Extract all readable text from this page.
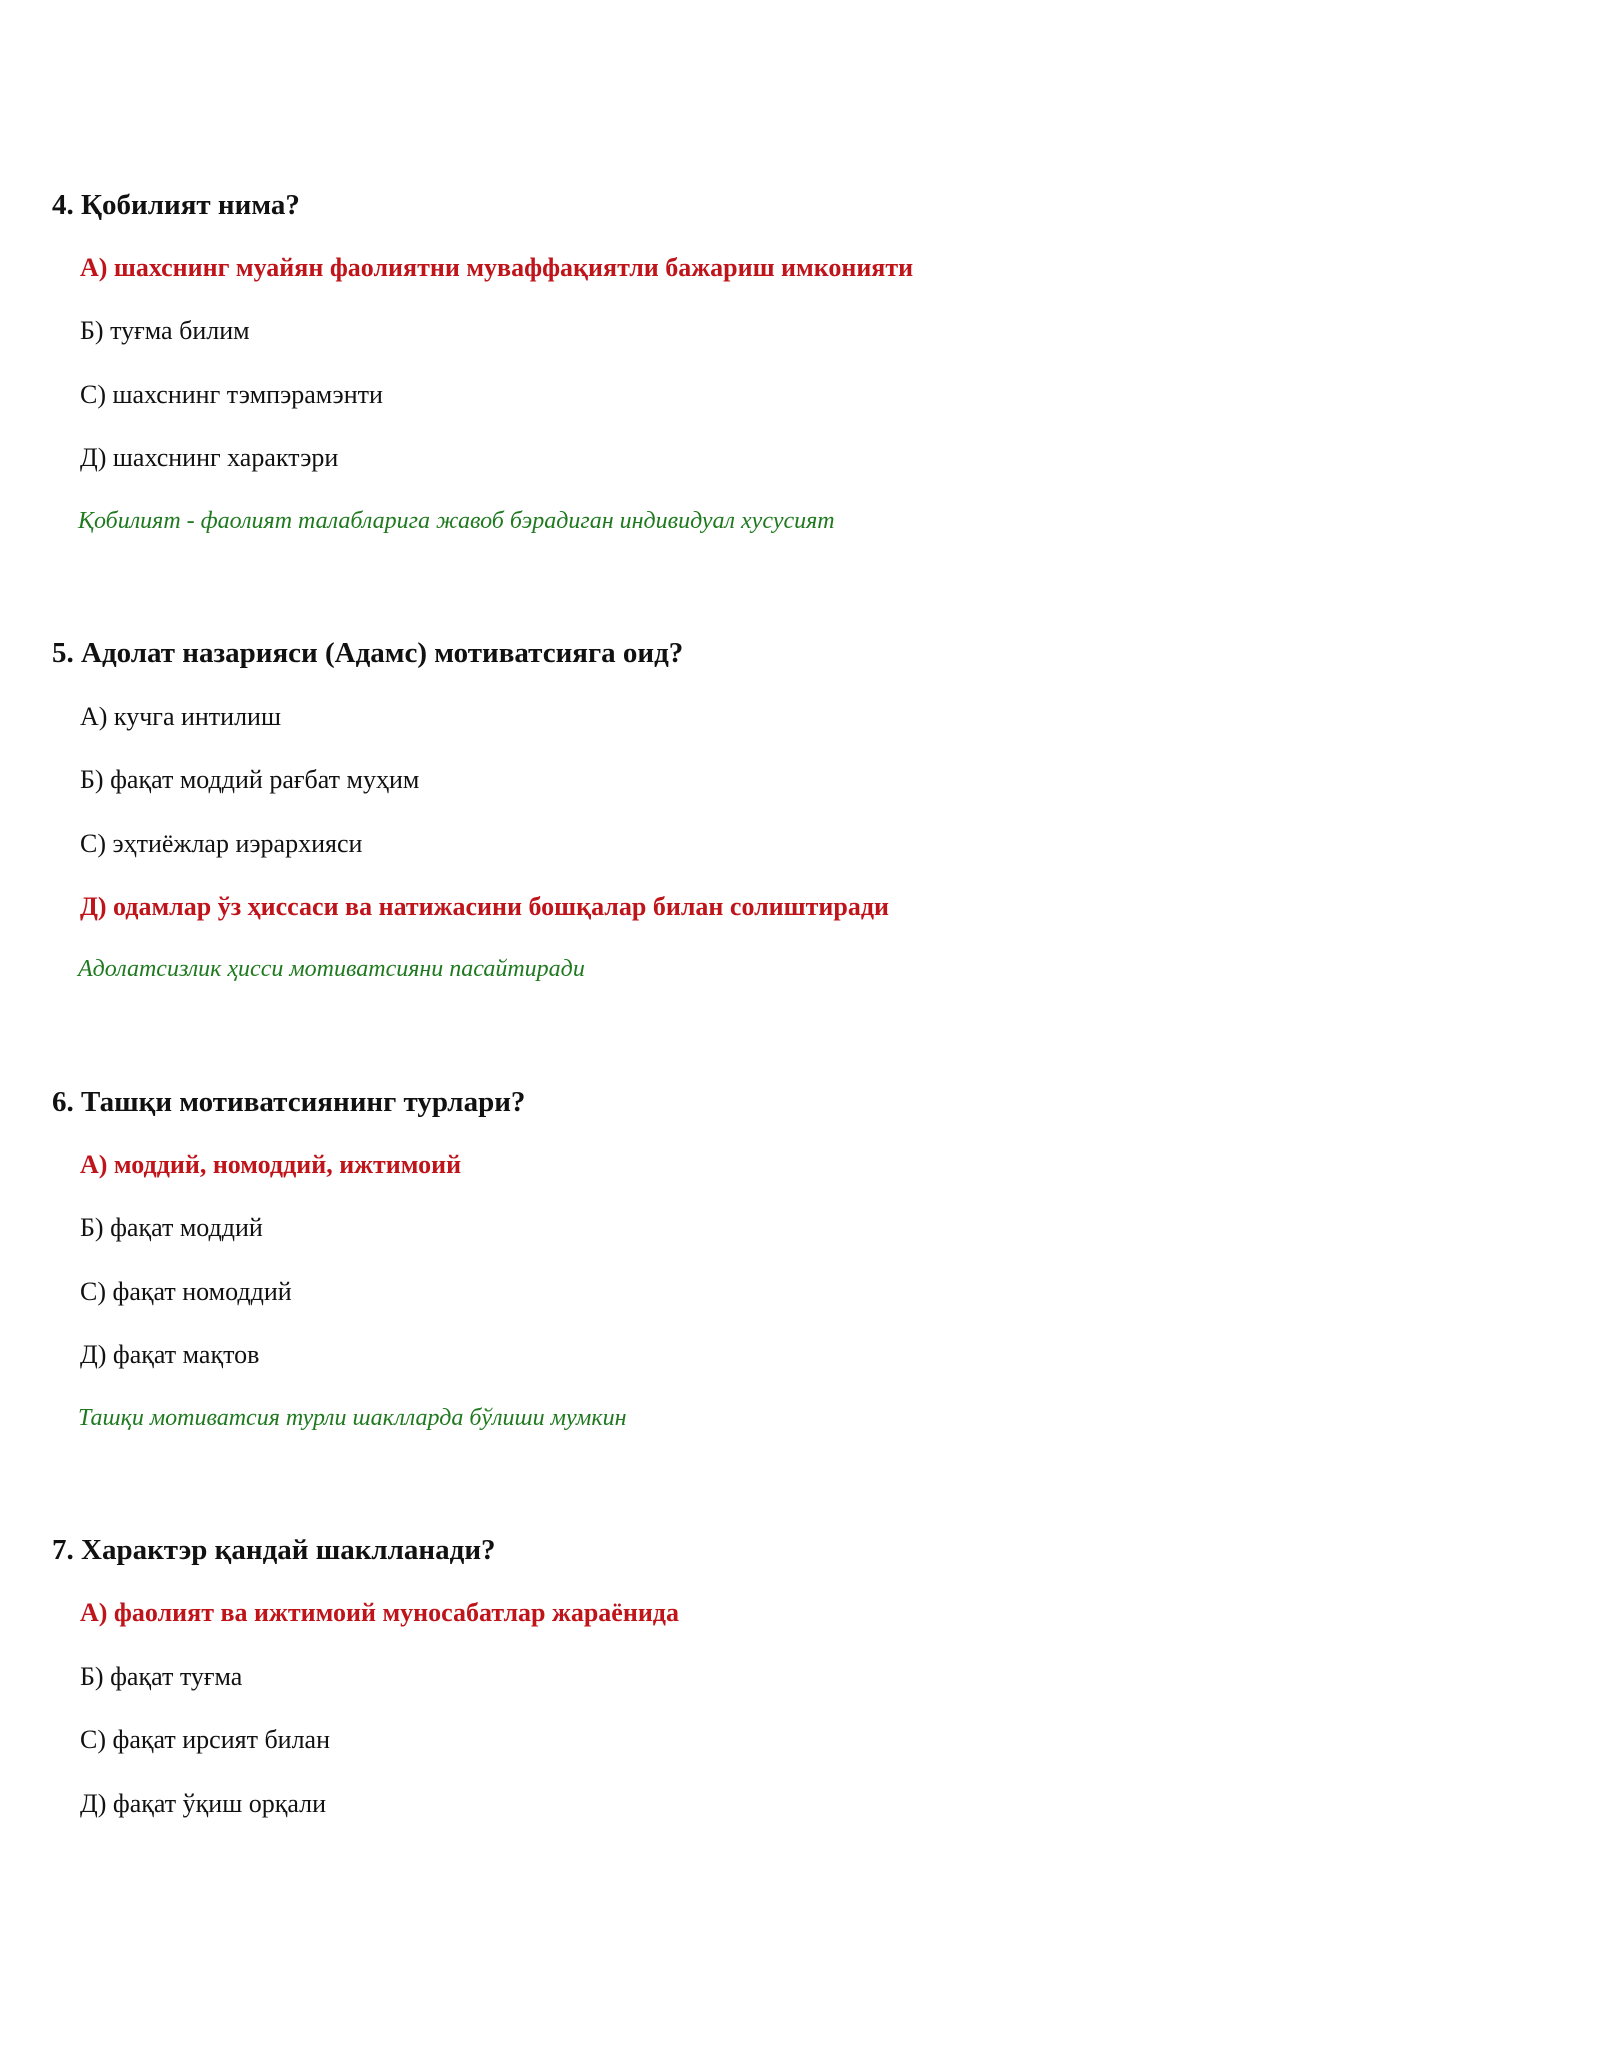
4. Қобилият нима?

А) шахснинг муайян фаолиятни муваффақиятли бажариш имконияти

Б) туғма билим

С) шахснинг тэмпэрамэнти

Д) шахснинг характэри

Қобилият - фаолият талабларига жавоб бэрадиган индивидуал хусусият

5. Адолат назарияси (Адамс) мотиватсияга оид?

А) кучга интилиш

Б) фақат моддий рағбат муҳим

С) эҳтиёжлар иэрархияси

Д) одамлар ўз ҳиссаси ва натижасини бошқалар билан солиштиради

Адолатсизлик ҳисси мотиватсияни пасайтиради

6. Ташқи мотиватсиянинг турлари?

А) моддий, номоддий, ижтимоий

Б) фақат моддий

С) фақат номоддий

Д) фақат мақтов

Ташқи мотиватсия турли шаклларда бўлиши мумкин

7. Характэр қандай шаклланади?

А) фаолият ва ижтимоий муносабатлар жараёнида

Б) фақат туғма

С) фақат ирсият билан

Д) фақат ўқиш орқали
